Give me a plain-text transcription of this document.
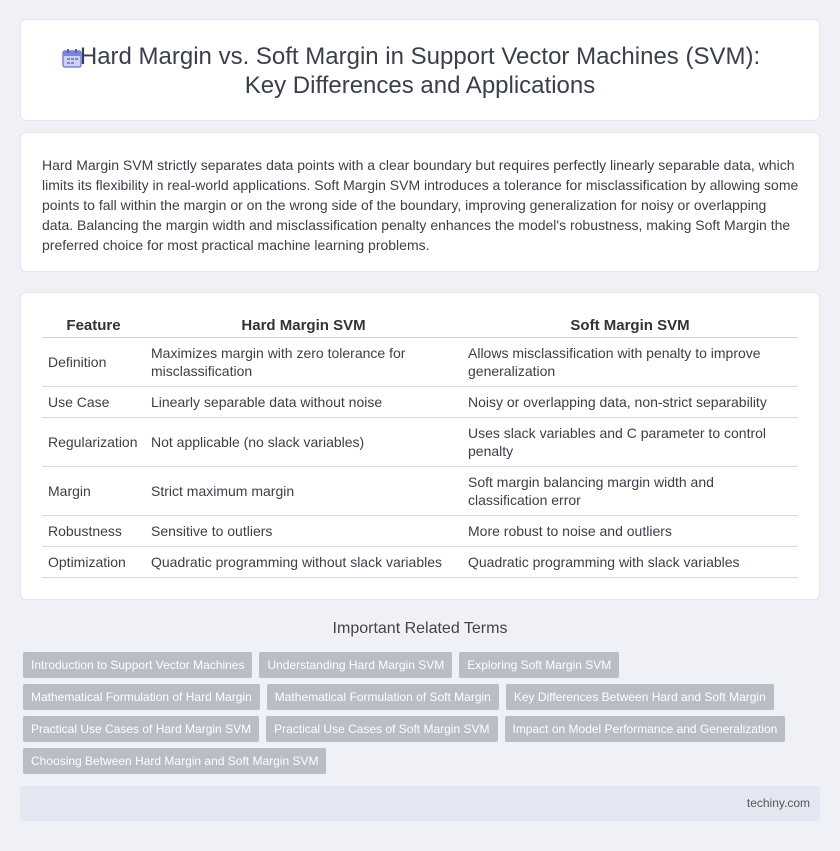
Hard Margin vs. Soft Margin in Support Vector Machines (SVM):
Key Differences and Applications

Hard Margin SVM strictly separates data points with a clear boundary but requires perfectly linearly separable data, which limits its flexibility in real-world applications. Soft Margin SVM introduces a tolerance for misclassification by allowing some points to fall within the margin or on the wrong side of the boundary, improving generalization for noisy or overlapping data. Balancing the margin width and misclassification penalty enhances the model's robustness, making Soft Margin the preferred choice for most practical machine learning problems.

Feature	Hard Margin SVM	Soft Margin SVM
Definition	Maximizes margin with zero tolerance for misclassification	Allows misclassification with penalty to improve generalization
Use Case	Linearly separable data without noise	Noisy or overlapping data, non-strict separability
Regularization	Not applicable (no slack variables)	Uses slack variables and C parameter to control penalty
Margin	Strict maximum margin	Soft margin balancing margin width and classification error
Robustness	Sensitive to outliers	More robust to noise and outliers
Optimization	Quadratic programming without slack variables	Quadratic programming with slack variables
Important Related Terms
Introduction to Support Vector Machines	Understanding Hard Margin SVM	Exploring Soft Margin SVM
Mathematical Formulation of Hard Margin	Mathematical Formulation of Soft Margin	Key Differences Between Hard and Soft Margin
Practical Use Cases of Hard Margin SVM	Practical Use Cases of Soft Margin SVM	Impact on Model Performance and Generalization
Choosing Between Hard Margin and Soft Margin SVM
techiny.com
